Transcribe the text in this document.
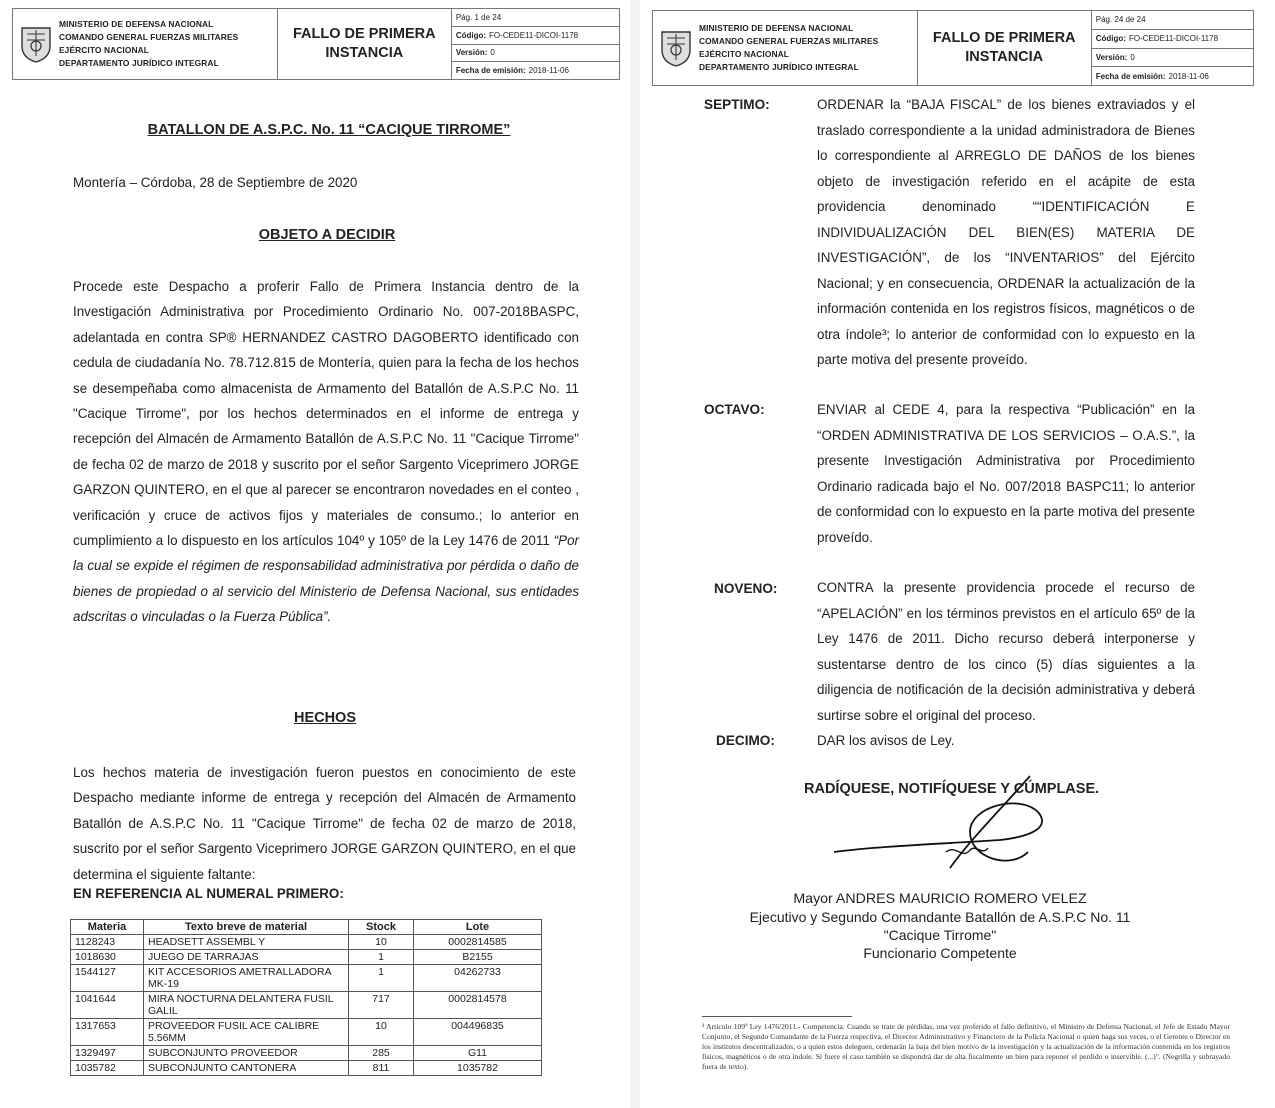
MINISTERIO DE DEFENSA NACIONAL
COMANDO GENERAL FUERZAS MILITARES
EJÉRCITO NACIONAL
DEPARTAMENTO JURÍDICO INTEGRAL
FALLO DE PRIMERA
INSTANCIA
Pág. 1 de 24
Código: FO-CEDE11-DICOI-1178
Versión: 0
Fecha de emisión: 2018-11-06
BATALLON DE A.S.P.C. No. 11 “CACIQUE TIRROME”
Montería – Córdoba, 28 de Septiembre de 2020
OBJETO A DECIDIR
Procede este Despacho a proferir Fallo de Primera Instancia dentro de la Investigación Administrativa por Procedimiento Ordinario No. 007-2018BASPC, adelantada en contra SP® HERNANDEZ CASTRO DAGOBERTO identificado con cedula de ciudadanía No. 78.712.815 de Montería, quien para la fecha de los hechos se desempeñaba como almacenista de Armamento del Batallón de A.S.P.C No. 11 "Cacique Tirrome", por los hechos determinados en el informe de entrega y recepción del Almacén de Armamento Batallón de A.S.P.C No. 11 "Cacique Tirrome" de fecha 02 de marzo de 2018 y suscrito por el señor Sargento Viceprimero JORGE GARZON QUINTERO, en el que al parecer se encontraron novedades en el conteo , verificación y cruce de activos fijos y materiales de consumo.; lo anterior en cumplimiento a lo dispuesto en los artículos 104º y 105º de la Ley 1476 de 2011 “Por la cual se expide el régimen de responsabilidad administrativa por pérdida o daño de bienes de propiedad o al servicio del Ministerio de Defensa Nacional, sus entidades adscritas o vinculadas o la Fuerza Pública”.
HECHOS
Los hechos materia de investigación fueron puestos en conocimiento de este Despacho mediante informe de entrega y recepción del Almacén de Armamento Batallón de A.S.P.C No. 11 "Cacique Tirrome" de fecha 02 de marzo de 2018, suscrito por el señor Sargento Viceprimero JORGE GARZON QUINTERO, en el que determina el siguiente faltante:
EN REFERENCIA AL NUMERAL PRIMERO:
Materia	Texto breve de material	Stock	Lote
1128243	HEADSETT ASSEMBL Y	10	0002814585
1018630	JUEGO DE TARRAJAS	1	B2155
1544127	KIT ACCESORIOS AMETRALLADORA MK-19	1	04262733
1041644	MIRA NOCTURNA DELANTERA FUSIL GALIL	717	0002814578
1317653	PROVEEDOR FUSIL ACE CALIBRE 5.56MM	10	004496835
1329497	SUBCONJUNTO PROVEEDOR	285	G11
1035782	SUBCONJUNTO CANTONERA	811	1035782
MINISTERIO DE DEFENSA NACIONAL
COMANDO GENERAL FUERZAS MILITARES
EJÉRCITO NACIONAL
DEPARTAMENTO JURÍDICO INTEGRAL
FALLO DE PRIMERA
INSTANCIA
Pág. 24 de 24
Código: FO-CEDE11-DICOI-1178
Versión: 0
Fecha de emisión: 2018-11-06
SEPTIMO:	ORDENAR la “BAJA FISCAL” de los bienes extraviados y el traslado correspondiente a la unidad administradora de Bienes lo correspondiente al ARREGLO DE DAÑOS de los bienes objeto de investigación referido en el acápite de esta providencia denominado ““IDENTIFICACIÓN E INDIVIDUALIZACIÓN DEL BIEN(ES) MATERIA DE INVESTIGACIÓN”, de los “INVENTARIOS” del Ejército Nacional; y en consecuencia, ORDENAR la actualización de la información contenida en los registros físicos, magnéticos o de otra índole³; lo anterior de conformidad con lo expuesto en la parte motiva del presente proveído.
OCTAVO:	ENVIAR al CEDE 4, para la respectiva “Publicación” en la “ORDEN ADMINISTRATIVA DE LOS SERVICIOS – O.A.S.”, la presente Investigación Administrativa por Procedimiento Ordinario radicada bajo el No. 007/2018 BASPC11; lo anterior de conformidad con lo expuesto en la parte motiva del presente proveído.
NOVENO:	CONTRA la presente providencia procede el recurso de “APELACIÓN” en los términos previstos en el artículo 65º de la Ley 1476 de 2011. Dicho recurso deberá interponerse y sustentarse dentro de los cinco (5) días siguientes a la diligencia de notificación de la decisión administrativa y deberá surtirse sobre el original del proceso.
DECIMO:	DAR los avisos de Ley.
RADÍQUESE, NOTIFÍQUESE Y CÚMPLASE.
Mayor ANDRES MAURICIO ROMERO VELEZ
Ejecutivo y Segundo Comandante Batallón de A.S.P.C No. 11
"Cacique Tirrome"
Funcionario Competente
³ Artículo 109º Ley 1476/2011.- Competencia. Cuando se trate de pérdidas, una vez proferido el fallo definitivo, el Ministro de Defensa Nacional, el Jefe de Estado Mayor Conjunto, el Segundo Comandante de la Fuerza respectiva, el Director Administrativo y Financiero de la Policía Nacional o quien haga sus veces, o el Gerente o Director en los institutos descentralizados, o a quien estos deleguen, ordenarán la baja del bien motivo de la investigación y la actualización de la información contenida en los registros físicos, magnéticos o de otra índole. Si fuere el caso también se dispondrá dar de alta fiscalmente un bien para reponer el perdido o inservible. (...)". (Negrilla y subrayado fuera de texto).
